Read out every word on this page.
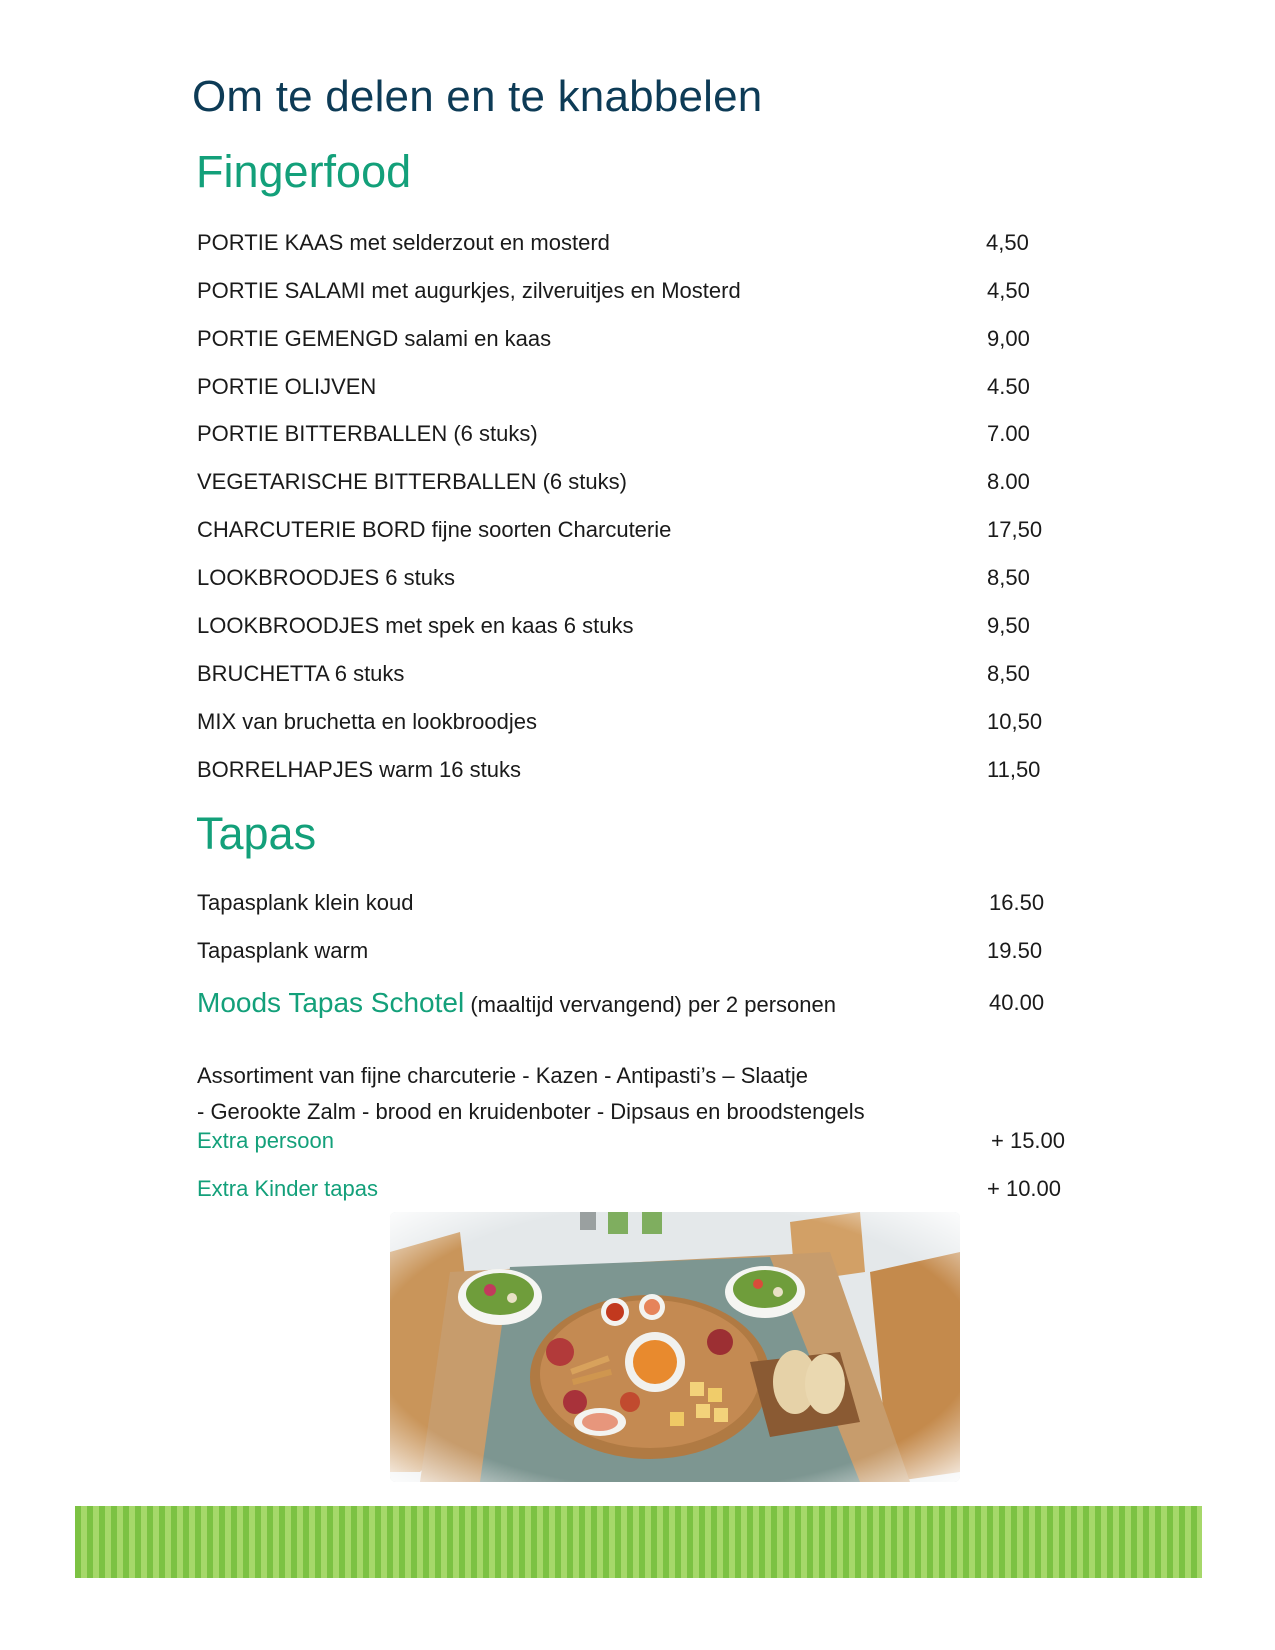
Om te delen en te knabbelen
Fingerfood
PORTIE KAAS met selderzout en mosterd	4,50
PORTIE SALAMI met augurkjes, zilveruitjes en Mosterd	4,50
PORTIE GEMENGD salami en kaas	9,00
PORTIE OLIJVEN	4.50
PORTIE BITTERBALLEN (6 stuks)	7.00
VEGETARISCHE BITTERBALLEN (6 stuks)	8.00
CHARCUTERIE BORD fijne soorten Charcuterie	17,50
LOOKBROODJES 6 stuks	8,50
LOOKBROODJES met spek en kaas 6 stuks	9,50
BRUCHETTA 6 stuks	8,50
MIX van bruchetta en lookbroodjes	10,50
BORRELHAPJES warm 16 stuks	11,50
Tapas
Tapasplank klein koud	16.50
Tapasplank warm	19.50
Moods Tapas Schotel (maaltijd vervangend) per 2 personen	40.00
Assortiment van fijne charcuterie - Kazen - Antipasti’s – Slaatje
- Gerookte Zalm - brood en kruidenboter - Dipsaus en broodstengels
Extra persoon	+ 15.00
Extra Kinder tapas	+ 10.00
